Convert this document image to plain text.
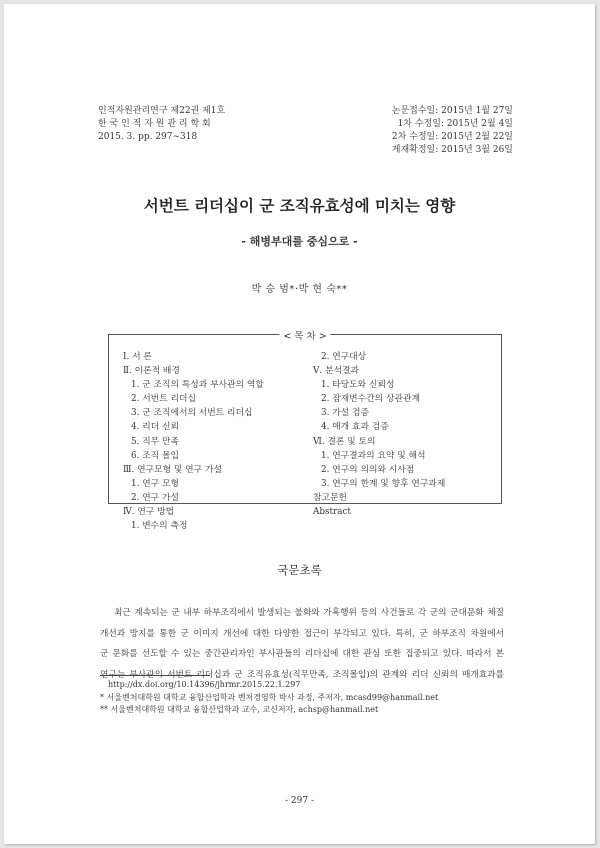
인적자원관리연구 제22권 제1호
한 국 인 적 자 원 관 리 학 회
2015. 3. pp. 297∼318
논문접수일: 2015년 1월 27일
1차 수정일: 2015년 2월 4일
2차 수정일: 2015년 2월 22일
게재확정일: 2015년 3월 26일
서번트 리더십이 군 조직유효성에 미치는 영향
- 해병부대를 중심으로 -
박 승 범*·박 현 숙**
< 목 차 >
Ⅰ. 서 론
Ⅱ. 이론적 배경
1. 군 조직의 특성과 부사관의 역할
2. 서번트 리더십
3. 군 조직에서의 서번트 리더십
4. 리더 신뢰
5. 직무 만족
6. 조직 몰입
Ⅲ. 연구모형 및 연구 가설
1. 연구 모형
2. 연구 가설
Ⅳ. 연구 방법
1. 변수의 측정
2. 연구대상
Ⅴ. 분석결과
1. 타당도와 신뢰성
2. 잠재변수간의 상관관계
3. 가설 검증
4. 매개 효과 검증
Ⅵ. 결론 및 토의
1. 연구결과의 요약 및 해석
2. 연구의 의의와 시사점
3. 연구의 한계 및 향후 연구과제
참고문헌
Abstract
국문초록
최근 계속되는 군 내부 하부조직에서 발생되는 불화와 가혹행위 등의 사건들로 각 군의 군대문화 체질
개선과 방지를 통한 군 이미지 개선에 대한 다양한 접근이 부각되고 있다. 특히, 군 하부조직 차원에서
군 문화를 선도할 수 있는 중간관리자인 부사관들의 리더십에 대한 관심 또한 집중되고 있다. 따라서 본
연구는 부사관의 서번트 리더십과 군 조직유효성(직무만족, 조직몰입)의 관계와 리더 신뢰의 매개효과를
http://dx.doi.org/10.14396/jhrmr.2015.22.1.297
* 서울벤처대학원 대학교 융합산업학과 벤처경영학 박사 과정, 주저자, mcasd99@hanmail.net
** 서울벤처대학원 대학교 융합산업학과 교수, 교신저자, achsp@hanmail.net
- 297 -
